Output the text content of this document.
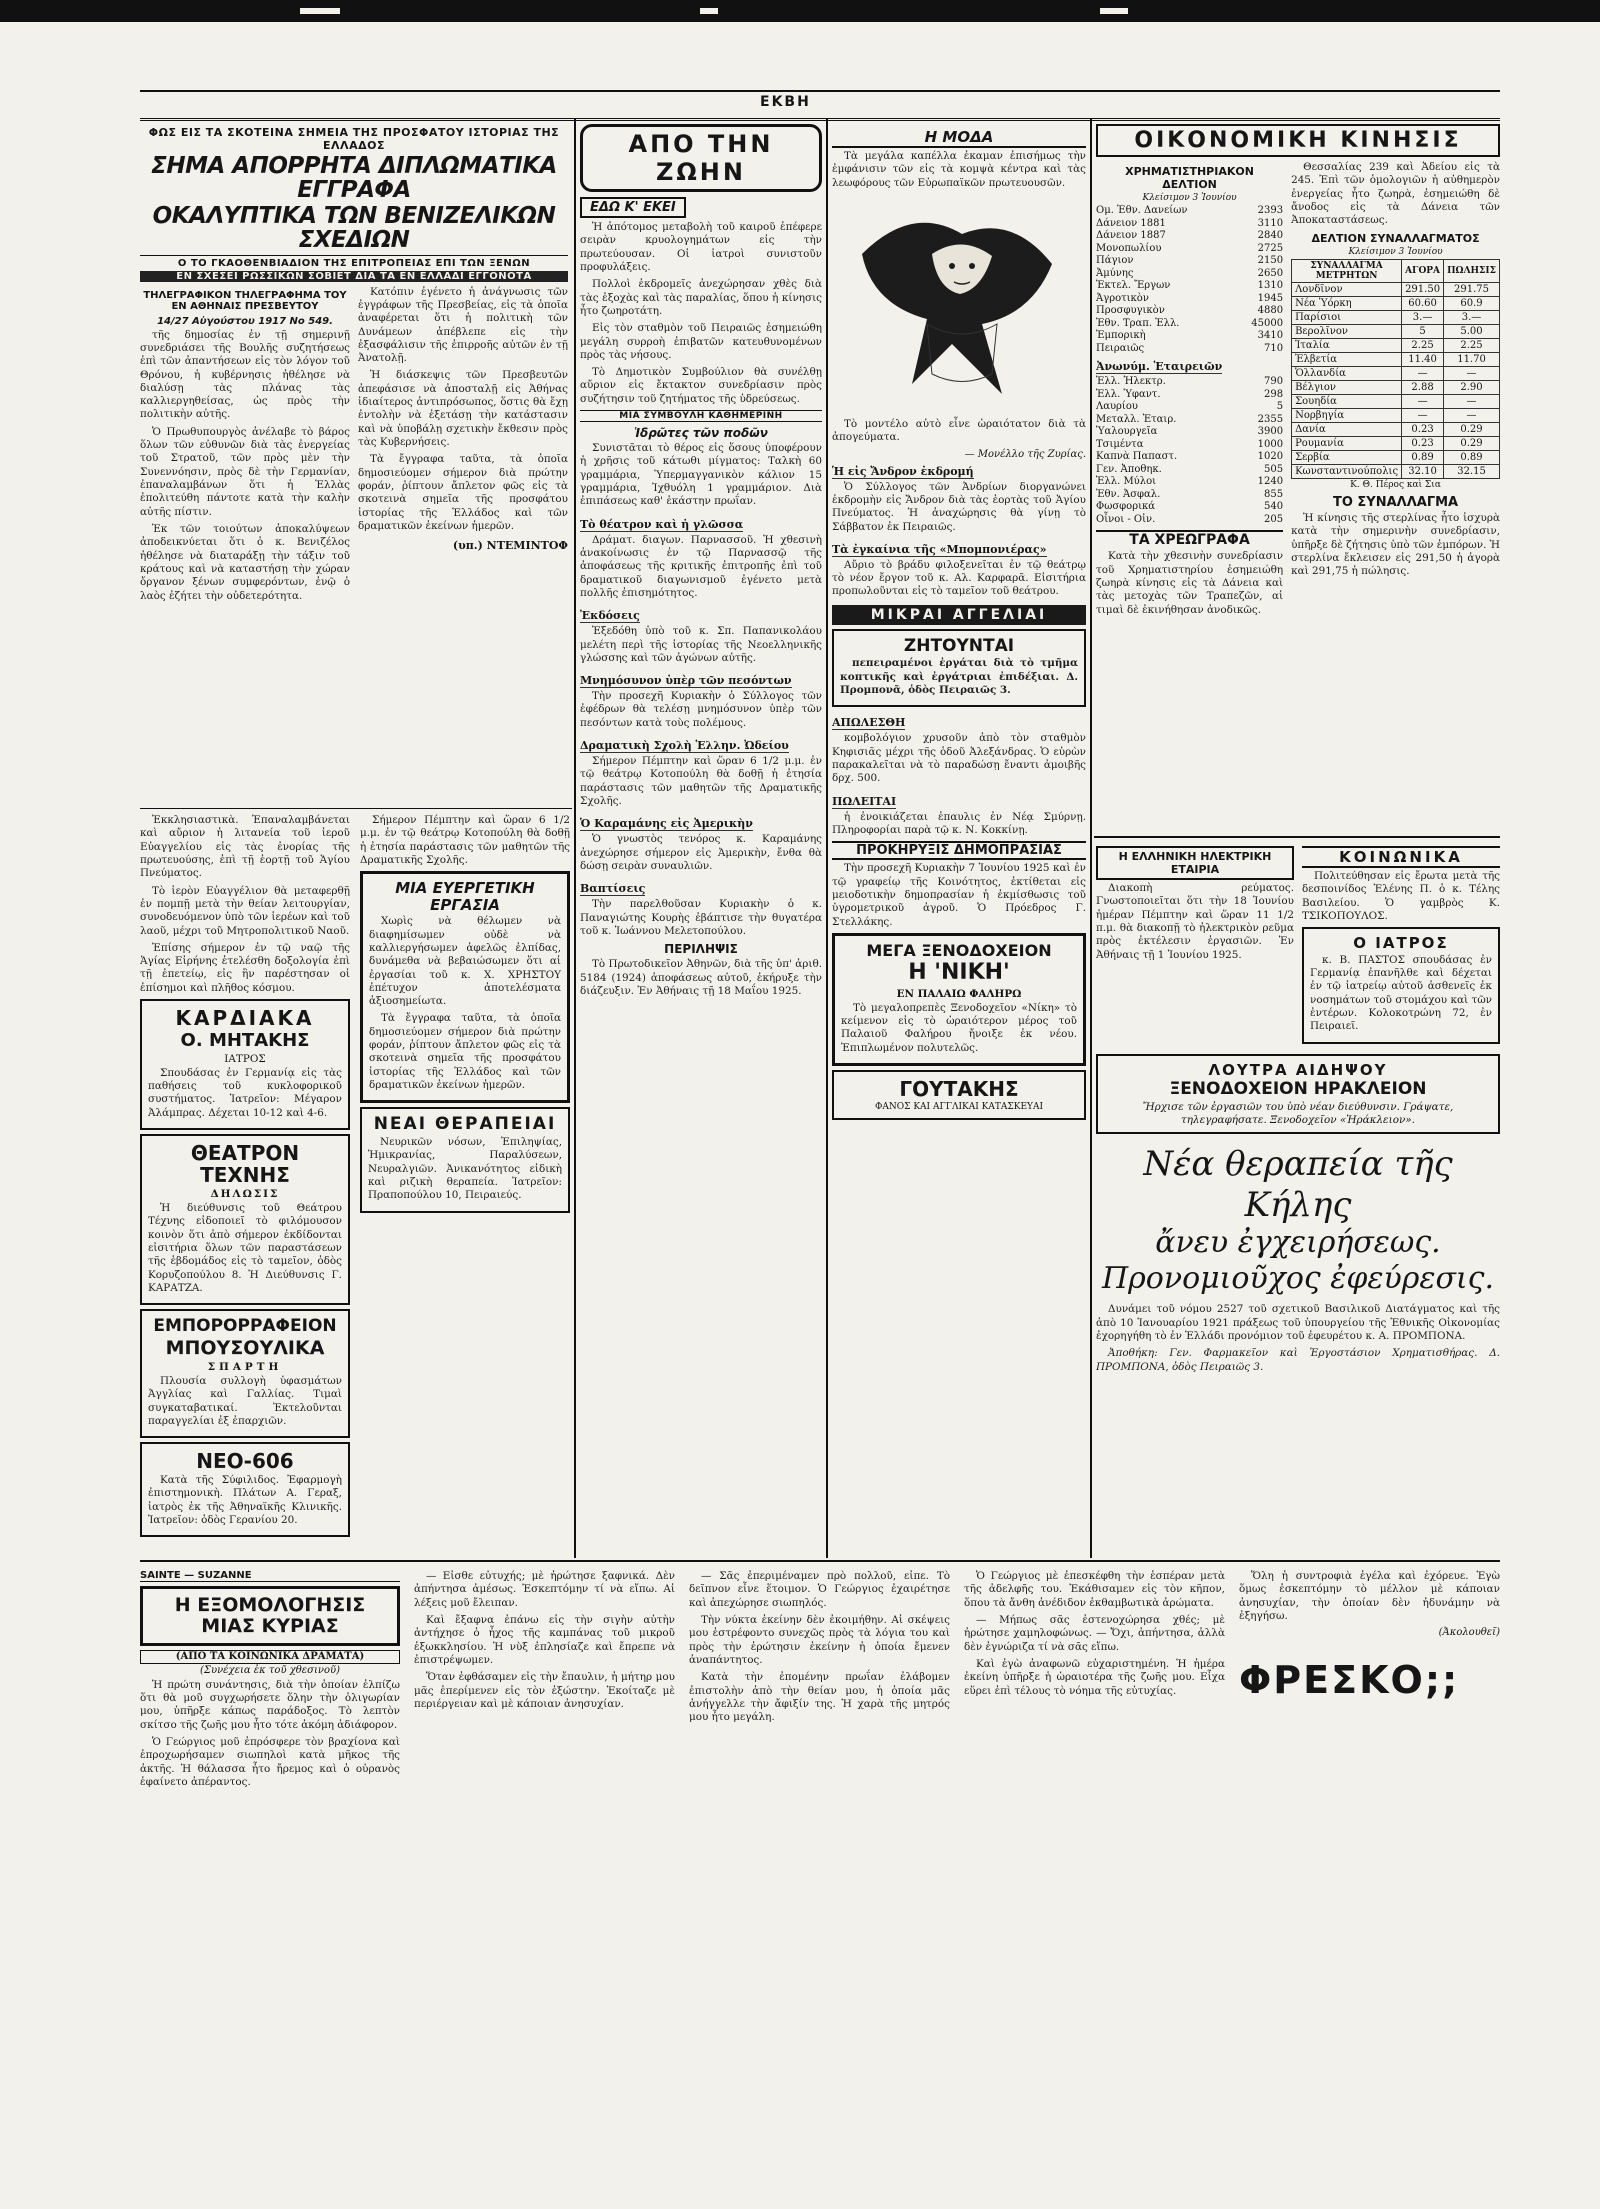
ΕΚΒΗ
ΦΩΣ ΕΙΣ ΤΑ ΣΚΟΤΕΙΝΑ ΣΗΜΕΙΑ ΤΗΣ ΠΡΟΣΦΑΤΟΥ ΙΣΤΟΡΙΑΣ ΤΗΣ ΕΛΛΑΔΟΣ
ΣΗΜΑ ΑΠΟΡΡΗΤΑ ΔΙΠΛΩΜΑΤΙΚΑ ΕΓΓΡΑΦΑ
ΟΚΑΛΥΠΤΙΚΑ ΤΩΝ ΒΕΝΙΖΕΛΙΚΩΝ ΣΧΕΔΙΩΝ
Ο ΤΟ ΓΚΑΟΘΕΝΒΙΑΔΙΟΝ ΤΗΣ ΕΠΙΤΡΟΠΕΙΑΣ ΕΠΙ ΤΩΝ ΞΕΝΩΝ
ΕΝ ΣΧΕΣΕΙ ΡΩΣΣΙΚΩΝ ΣΟΒΙΕΤ ΔΙΑ ΤΑ ΕΝ ΕΛΛΑΔΙ ΕΓΓΟΝΟΤΑ
ΤΗΛΕΓΡΑΦΙΚΟΝ ΤΗΛΕΓΡΑΦΗΜΑ ΤΟΥ ΕΝ ΑΘΗΝΑΙΣ ΠΡΕΣΒΕΥΤΟΥ
14/27 Αὐγούστου 1917 Νο 549.

τῆς δημοσίας ἐν τῇ σημερινῇ συνεδριάσει τῆς Βουλῆς συζητήσεως ἐπὶ τῶν ἀπαντήσεων εἰς τὸν λόγον τοῦ Θρόνου, ἡ κυβέρνησις ἠθέλησε νὰ διαλύσῃ τὰς πλάνας τὰς καλλιεργηθείσας, ὡς πρὸς τὴν πολιτικὴν αὐτῆς.

Ὁ Πρωθυπουργὸς ἀνέλαβε τὸ βάρος ὅλων τῶν εὐθυνῶν διὰ τὰς ἐνεργείας τοῦ Στρατοῦ, τῶν πρὸς μὲν τὴν Συνεννόησιν, πρὸς δὲ τὴν Γερμανίαν, ἐπαναλαμβάνων ὅτι ἡ Ἑλλὰς ἐπολιτεύθη πάντοτε κατὰ τὴν καλὴν αὐτῆς πίστιν.

Ἐκ τῶν τοιούτων ἀποκαλύψεων ἀποδεικνύεται ὅτι ὁ κ. Βενιζέλος ἠθέλησε νὰ διαταράξῃ τὴν τάξιν τοῦ κράτους καὶ νὰ καταστήσῃ τὴν χώραν ὄργανον ξένων συμφερόντων, ἐνῷ ὁ λαὸς ἐζήτει τὴν οὐδετερότητα.

Κατόπιν ἐγένετο ἡ ἀνάγνωσις τῶν ἐγγράφων τῆς Πρεσβείας, εἰς τὰ ὁποῖα ἀναφέρεται ὅτι ἡ πολιτικὴ τῶν Δυνάμεων ἀπέβλεπε εἰς τὴν ἐξασφάλισιν τῆς ἐπιρροῆς αὐτῶν ἐν τῇ Ἀνατολῇ.

Ἡ διάσκεψις τῶν Πρεσβευτῶν ἀπεφάσισε νὰ ἀποσταλῇ εἰς Ἀθήνας ἰδιαίτερος ἀντιπρόσωπος, ὅστις θὰ ἔχῃ ἐντολὴν νὰ ἐξετάσῃ τὴν κατάστασιν καὶ νὰ ὑποβάλῃ σχετικὴν ἔκθεσιν πρὸς τὰς Κυβερνήσεις.

Τὰ ἔγγραφα ταῦτα, τὰ ὁποῖα δημοσιεύομεν σήμερον διὰ πρώτην φοράν, ῥίπτουν ἄπλετον φῶς εἰς τὰ σκοτεινὰ σημεῖα τῆς προσφάτου ἱστορίας τῆς Ἑλλάδος καὶ τῶν δραματικῶν ἐκείνων ἡμερῶν.

(υπ.) ΝΤΕΜΙΝΤΟΦ

Ἐκκλησιαστικὰ. Ἐπαναλαμβάνεται καὶ αὔριον ἡ λιτανεία τοῦ ἱεροῦ Εὐαγγελίου εἰς τὰς ἐνορίας τῆς πρωτευούσης, ἐπὶ τῇ ἑορτῇ τοῦ Ἁγίου Πνεύματος.

Τὸ ἱερὸν Εὐαγγέλιον θὰ μεταφερθῇ ἐν πομπῇ μετὰ τὴν θείαν λειτουργίαν, συνοδευόμενον ὑπὸ τῶν ἱερέων καὶ τοῦ λαοῦ, μέχρι τοῦ Μητροπολιτικοῦ Ναοῦ.

Ἐπίσης σήμερον ἐν τῷ ναῷ τῆς Ἁγίας Εἰρήνης ἐτελέσθη δοξολογία ἐπὶ τῇ ἐπετείῳ, εἰς ἣν παρέστησαν οἱ ἐπίσημοι καὶ πλῆθος κόσμου.

ΚΑΡΔΙΑΚΑ
Ο. ΜΗΤΑΚΗΣ
ΙΑΤΡΟΣ

Σπουδάσας ἐν Γερμανίᾳ εἰς τὰς παθήσεις τοῦ κυκλοφορικοῦ συστήματος. Ἰατρεῖον: Μέγαρον Ἀλάμπρας. Δέχεται 10-12 καὶ 4-6.

ΘΕΑΤΡΟΝ ΤΕΧΝΗΣ
ΔΗΛΩΣΙΣ

Ἡ διεύθυνσις τοῦ Θεάτρου Τέχνης εἰδοποιεῖ τὸ φιλόμουσον κοινὸν ὅτι ἀπὸ σήμερον ἐκδίδονται εἰσιτήρια ὅλων τῶν παραστάσεων τῆς ἑβδομάδος εἰς τὸ ταμεῖον, ὁδὸς Κορυζοπούλου 8. Ἡ Διεύθυνσις Γ. ΚΑΡΑΤΖΑ.

ΕΜΠΟΡΟΡΡΑΦΕΙΟΝ
ΜΠΟΥΣΟΥΛΙΚΑ
ΣΠΑΡΤΗ

Πλουσία συλλογὴ ὑφασμάτων Ἀγγλίας καὶ Γαλλίας. Τιμαὶ συγκαταβατικαί. Ἐκτελοῦνται παραγγελίαι ἐξ ἐπαρχιῶν.

ΝΕΟ-606

Κατὰ τῆς Σύφιλιδος. Ἐφαρμογὴ ἐπιστημονικὴ. Πλάτων Α. Γεραξ, ἰατρὸς ἐκ τῆς Ἀθηναϊκῆς Κλινικῆς. Ἰατρεῖον: ὁδὸς Γερανίου 20.

Σήμερον Πέμπτην καὶ ὥραν 6 1/2 μ.μ. ἐν τῷ θεάτρῳ Κοτοπούλη θὰ δοθῇ ἡ ἐτησία παράστασις τῶν μαθητῶν τῆς Δραματικῆς Σχολῆς.

ΜΙΑ ΕΥΕΡΓΕΤΙΚΗ ΕΡΓΑΣΙΑ

Χωρὶς νὰ θέλωμεν νὰ διαφημίσωμεν οὐδὲ νὰ καλλιεργήσωμεν ἀφελῶς ἐλπίδας, δυνάμεθα νὰ βεβαιώσωμεν ὅτι αἱ ἐργασίαι τοῦ κ. Χ. ΧΡΗΣΤΟΥ ἐπέτυχον ἀποτελέσματα ἀξιοσημείωτα.

Τὰ ἔγγραφα ταῦτα, τὰ ὁποῖα δημοσιεύομεν σήμερον διὰ πρώτην φοράν, ῥίπτουν ἄπλετον φῶς εἰς τὰ σκοτεινὰ σημεῖα τῆς προσφάτου ἱστορίας τῆς Ἑλλάδος καὶ τῶν δραματικῶν ἐκείνων ἡμερῶν.

ΝΕΑΙ ΘΕΡΑΠΕΙΑΙ

Νευρικῶν νόσων, Ἐπιληψίας, Ἡμικρανίας, Παραλύσεων, Νευραλγιῶν. Ἀνικανότητος εἰδικὴ καὶ ριζικὴ θεραπεία. Ἰατρεῖον: Πραποπούλου 10, Πειραιεύς.

ΑΠΟ ΤΗΝ ΖΩΗΝ
ΕΔΩ Κ' ΕΚΕΙ

Ἡ ἀπότομος μεταβολὴ τοῦ καιροῦ ἐπέφερε σειρὰν κρυολογημάτων εἰς τὴν πρωτεύουσαν. Οἱ ἰατροὶ συνιστοῦν προφυλάξεις.

Πολλοὶ ἐκδρομεῖς ἀνεχώρησαν χθὲς διὰ τὰς ἐξοχὰς καὶ τὰς παραλίας, ὅπου ἡ κίνησις ἦτο ζωηροτάτη.

Εἰς τὸν σταθμὸν τοῦ Πειραιῶς ἐσημειώθη μεγάλη συρροὴ ἐπιβατῶν κατευθυνομένων πρὸς τὰς νήσους.

Τὸ Δημοτικὸν Συμβούλιον θὰ συνέλθῃ αὔριον εἰς ἔκτακτον συνεδρίασιν πρὸς συζήτησιν τοῦ ζητήματος τῆς ὑδρεύσεως.

ΜΙΑ ΣΥΜΒΟΥΛΗ ΚΑΘΗΜΕΡΙΝΗ
Ἱδρῶτες τῶν ποδῶν

Συνιστᾶται τὸ θέρος εἰς ὅσους ὑποφέρουν ἡ χρῆσις τοῦ κάτωθι μίγματος: Ταλκὴ 60 γραμμάρια, Ὑπερμαγγανικὸν κάλιον 15 γραμμάρια, Ἰχθυόλη 1 γραμμάριον. Διὰ ἐπιπάσεως καθ' ἑκάστην πρωΐαν.

Τὸ θέατρον καὶ ἡ γλῶσσα

Δράματ. διαγων. Παρνασσοῦ. Ἡ χθεσινὴ ἀνακοίνωσις ἐν τῷ Παρνασσῷ τῆς ἀποφάσεως τῆς κριτικῆς ἐπιτροπῆς ἐπὶ τοῦ δραματικοῦ διαγωνισμοῦ ἐγένετο μετὰ πολλῆς ἐπισημότητος.

Ἐκδόσεις

Ἐξεδόθη ὑπὸ τοῦ κ. Σπ. Παπανικολάου μελέτη περὶ τῆς ἱστορίας τῆς Νεοελληνικῆς γλώσσης καὶ τῶν ἀγώνων αὐτῆς.

Μνημόσυνον ὑπὲρ τῶν πεσόντων

Τὴν προσεχῆ Κυριακὴν ὁ Σύλλογος τῶν ἐφέδρων θὰ τελέσῃ μνημόσυνον ὑπὲρ τῶν πεσόντων κατὰ τοὺς πολέμους.

Δραματικὴ Σχολὴ Ἑλλην. Ὠδείου

Σήμερον Πέμπτην καὶ ὥραν 6 1/2 μ.μ. ἐν τῷ θεάτρῳ Κοτοπούλη θὰ δοθῇ ἡ ἐτησία παράστασις τῶν μαθητῶν τῆς Δραματικῆς Σχολῆς.

Ὁ Καραμάνης εἰς Ἀμερικὴν

Ὁ γνωστὸς τενόρος κ. Καραμάνης ἀνεχώρησε σήμερον εἰς Ἀμερικὴν, ἔνθα θὰ δώσῃ σειρὰν συναυλιῶν.

Βαπτίσεις

Τὴν παρελθοῦσαν Κυριακὴν ὁ κ. Παναγιώτης Κουρὴς ἐβάπτισε τὴν θυγατέρα τοῦ κ. Ἰωάννου Μελετοπούλου.

ΠΕΡΙΛΗΨΙΣ

Τὸ Πρωτοδικεῖον Ἀθηνῶν, διὰ τῆς ὑπ' ἀριθ. 5184 (1924) ἀποφάσεως αὐτοῦ, ἐκήρυξε τὴν διάζευξιν. Ἐν Ἀθήναις τῇ 18 Μαΐου 1925.

Η ΜΟΔΑ

Τὰ μεγάλα καπέλλα ἐκαμαν ἐπισήμως τὴν ἐμφάνισιν τῶν εἰς τὰ κομψὰ κέντρα καὶ τὰς λεωφόρους τῶν Εὐρωπαϊκῶν πρωτευουσῶν.

Τὸ μοντέλο αὐτὸ εἶνε ὡραιότατον διὰ τὰ ἀπογεύματα.

— Μονέλλο τῆς Ζυρίας.
Ἡ εἰς Ἄνδρον ἐκδρομή

Ὁ Σύλλογος τῶν Ἀνδρίων διοργανώνει ἐκδρομὴν εἰς Ἄνδρον διὰ τὰς ἑορτὰς τοῦ Ἁγίου Πνεύματος. Ἡ ἀναχώρησις θὰ γίνῃ τὸ Σάββατον ἐκ Πειραιῶς.

Τὰ ἐγκαίνια τῆς «Μπομπονιέρας»

Αὔριο τὸ βράδυ φιλοξενεῖται ἐν τῷ θεάτρῳ τὸ νέον ἔργον τοῦ κ. Αλ. Καρφαρᾶ. Εἰσιτήρια προπωλοῦνται εἰς τὸ ταμεῖον τοῦ θεάτρου.

ΜΙΚΡΑΙ ΑΓΓΕΛΙΑΙ
ΖΗΤΟΥΝΤΑΙ

πεπειραμένοι ἐργάται διὰ τὸ τμῆμα κοπτικῆς καὶ ἐργάτριαι ἐπιδέξιαι. Δ. Προμπονᾶ, ὁδὸς Πειραιῶς 3.

ΑΠΩΛΕΣΘΗ

κομβολόγιον χρυσοῦν ἀπὸ τὸν σταθμὸν Κηφισιᾶς μέχρι τῆς ὁδοῦ Ἀλεξάνδρας. Ὁ εὑρὼν παρακαλεῖται νὰ τὸ παραδώσῃ ἔναντι ἀμοιβῆς δρχ. 500.

ΠΩΛΕΙΤΑΙ

ἡ ἐνοικιάζεται ἐπαυλις ἐν Νέᾳ Σμύρνῃ. Πληροφορίαι παρὰ τῷ κ. Ν. Κοκκίνῃ.

ΠΡΟΚΗΡΥΞΙΣ ΔΗΜΟΠΡΑΣΙΑΣ

Τὴν προσεχῆ Κυριακὴν 7 Ἰουνίου 1925 καὶ ἐν τῷ γραφείῳ τῆς Κοινότητος, ἐκτίθεται εἰς μειοδοτικὴν δημοπρασίαν ἡ ἐκμίσθωσις τοῦ ὑγρομετρικοῦ ἀγροῦ. Ὁ Πρόεδρος Γ. Στελλάκης.

ΜΕΓΑ ΞΕΝΟΔΟΧΕΙΟΝ
Η 'ΝΙΚΗ'
ΕΝ ΠΑΛΑΙΩ ΦΑΛΗΡΩ

Τὸ μεγαλοπρεπὲς Ξενοδοχεῖον «Νίκη» τὸ κείμενον εἰς τὸ ὡραιότερον μέρος τοῦ Παλαιοῦ Φαλήρου ἤνοιξε ἐκ νέου. Ἐπιπλωμένον πολυτελῶς.

ΓΟΥΤΑΚΗΣ
ΦΑΝΟΣ ΚΑΙ ΑΓΓΛΙΚΑΙ ΚΑΤΑΣΚΕΥΑΙ
ΟΙΚΟΝΟΜΙΚΗ ΚΙΝΗΣΙΣ
ΧΡΗΜΑΤΙΣΤΗΡΙΑΚΟΝ ΔΕΛΤΙΟΝ
Κλείσιμον 3 Ἰουνίου
Ομ. Ἐθν. Δανείων	2393
Δάνειον 1881	3110
Δάνειον 1887	2840
Μονοπωλίου	2725
Πάγιον	2150
Ἀμύνης	2650
Ἐκτελ. Ἔργων	1310
Ἀγροτικὸν	1945
Προσφυγικὸν	4880
Ἐθν. Τραπ. Ἑλλ.	45000
Ἐμπορικὴ	3410
Πειραιῶς	710
Ἀνωνύμ. Ἑταιρειῶν
Ἑλλ. Ἠλεκτρ.	790
Ἑλλ. Ὑφαντ.	298
Λαυρίου	5
Μεταλλ. Ἑταιρ.	2355
Ὑαλουργεῖα	3900
Τσιμέντα	1000
Καπνὰ Παπαστ.	1020
Γεν. Ἀποθηκ.	505
Ἑλλ. Μύλοι	1240
Ἐθν. Ἀσφαλ.	855
Φωσφορικά	540
Οἶνοι - Οἰν.	205
ΤΑ ΧΡΕΩΓΡΑΦΑ

Κατὰ τὴν χθεσινὴν συνεδρίασιν τοῦ Χρηματιστηρίου ἐσημειώθη ζωηρὰ κίνησις εἰς τὰ Δάνεια καὶ τὰς μετοχὰς τῶν Τραπεζῶν, αἱ τιμαὶ δὲ ἐκινήθησαν ἀνοδικῶς.

Θεσσαλίας 239 καὶ Ἀδείου εἰς τὰ 245. Ἐπὶ τῶν ὁμολογιῶν ἡ αὐθημερὸν ἐνεργείας ἦτο ζωηρὰ, ἐσημειώθη δὲ ἄνοδος εἰς τὰ Δάνεια τῶν Ἀποκαταστάσεως.

ΔΕΛΤΙΟΝ ΣΥΝΑΛΛΑΓΜΑΤΟΣ
Κλείσιμον 3 Ἰουνίου
ΣΥΝΑΛΛΑΓΜΑ ΜΕΤΡΗΤΩΝ	ΑΓΟΡΑ	ΠΩΛΗΣΙΣ
Λονδῖνον	291.50	291.75
Νέα Ὑόρκη	60.60	60.9
Παρίσιοι	3.—	3.—
Βερολῖνον	5	5.00
Ἰταλία	2.25	2.25
Ἑλβετία	11.40	11.70
Ὁλλανδία	—	—
Βέλγιον	2.88	2.90
Σουηδία	—	—
Νορβηγία	—	—
Δανία	0.23	0.29
Ρουμανία	0.23	0.29
Σερβία	0.89	0.89
Κωνσταντινούπολις	32.10	32.15
Κ. Θ. Πέρος καὶ Σια
ΤΟ ΣΥΝΑΛΛΑΓΜΑ

Ἡ κίνησις τῆς στερλίνας ἦτο ἰσχυρὰ κατὰ τὴν σημερινὴν συνεδρίασιν, ὑπῆρξε δὲ ζήτησις ὑπὸ τῶν ἐμπόρων. Ἡ στερλίνα ἔκλεισεν εἰς 291,50 ἡ ἀγορὰ καὶ 291,75 ἡ πώλησις.

Η ΕΛΛΗΝΙΚΗ ΗΛΕΚΤΡΙΚΗ ΕΤΑΙΡΙΑ

Διακοπὴ ρεύματος. Γνωστοποιεῖται ὅτι τὴν 18 Ἰουνίου ἡμέραν Πέμπτην καὶ ὥραν 11 1/2 π.μ. θὰ διακοπῇ τὸ ἠλεκτρικὸν ρεῦμα πρὸς ἐκτέλεσιν ἐργασιῶν. Ἐν Ἀθήναις τῇ 1 Ἰουνίου 1925.

ΚΟΙΝΩΝΙΚΑ

Πολιτεύθησαν εἰς ἔρωτα μετὰ τῆς δεσποινίδος Ἑλένης Π. ὁ κ. Τέλης Βασιλείου. Ὁ γαμβρὸς Κ. ΤΣΙΚΟΠΟΥΛΟΣ.

Ο ΙΑΤΡΟΣ

κ. Β. ΠΑΣΤΟΣ σπουδάσας ἐν Γερμανίᾳ ἐπανῆλθε καὶ δέχεται ἐν τῷ ἰατρείῳ αὐτοῦ ἀσθενεῖς ἐκ νοσημάτων τοῦ στομάχου καὶ τῶν ἐντέρων. Κολοκοτρώνη 72, ἐν Πειραιεῖ.

ΛΟΥΤΡΑ ΑΙΔΗΨΟΥ
ΞΕΝΟΔΟΧΕΙΟΝ ΗΡΑΚΛΕΙΟΝ
Ἤρχισε τῶν ἐργασιῶν του ὑπὸ νέαν διεύθυνσιν. Γράψατε, τηλεγραφήσατε. Ξενοδοχεῖον «Ἡράκλειον».
Νέα θεραπεία τῆς Κήλης
ἄνευ ἐγχειρήσεως.
Προνομιοῦχος ἐφεύρεσις.

Δυνάμει τοῦ νόμου 2527 τοῦ σχετικοῦ Βασιλικοῦ Διατάγματος καὶ τῆς ἀπὸ 10 Ἰανουαρίου 1921 πράξεως τοῦ ὑπουργείου τῆς Ἐθνικῆς Οἰκονομίας ἐχορηγήθη τὸ ἐν Ἑλλάδι προνόμιον τοῦ ἐφευρέτου κ. Α. ΠΡΟΜΠΟΝΑ.

Ἀποθήκη: Γεν. Φαρμακεῖον καὶ Ἐργοστάσιον Χρηματισθήρας. Δ. ΠΡΟΜΠΟΝΑ, ὁδὸς Πειραιῶς 3.

SAINTE — SUZANNE
Η ΕΞΟΜΟΛΟΓΗΣΙΣ ΜΙΑΣ ΚΥΡΙΑΣ
(ΑΠΟ ΤΑ ΚΟΙΝΩΝΙΚΑ ΔΡΑΜΑΤΑ)
(Συνέχεια ἐκ τοῦ χθεσινοῦ)

Ἡ πρώτη συνάντησις, διὰ τὴν ὁποίαν ἐλπίζω ὅτι θὰ μοῦ συγχωρήσετε ὅλην τὴν ὀλιγωρίαν μου, ὑπῆρξε κάπως παράδοξος. Τὸ λεπτὸν σκίτσο τῆς ζωῆς μου ἦτο τότε ἀκόμη ἀδιάφορον.

Ὁ Γεώργιος μοῦ ἐπρόσφερε τὸν βραχίονα καὶ ἐπροχωρήσαμεν σιωπηλοὶ κατὰ μῆκος τῆς ἀκτῆς. Ἡ θάλασσα ἦτο ἤρεμος καὶ ὁ οὐρανὸς ἐφαίνετο ἀπέραντος.

— Εἶσθε εὐτυχής; μὲ ἠρώτησε ξαφνικά. Δὲν ἀπήντησα ἀμέσως. Ἐσκεπτόμην τί νὰ εἴπω. Αἱ λέξεις μοῦ ἔλειπαν.

Καὶ ἔξαφνα ἐπάνω εἰς τὴν σιγὴν αὐτὴν ἀντήχησε ὁ ἦχος τῆς καμπάνας τοῦ μικροῦ ἐξωκκλησίου. Ἡ νὺξ ἐπλησίαζε καὶ ἔπρεπε νὰ ἐπιστρέψωμεν.

Ὅταν ἐφθάσαμεν εἰς τὴν ἔπαυλιν, ἡ μήτηρ μου μᾶς ἐπερίμενεν εἰς τὸν ἐξώστην. Ἐκοίταζε μὲ περιέργειαν καὶ μὲ κάποιαν ἀνησυχίαν.

— Σᾶς ἐπεριμέναμεν πρὸ πολλοῦ, εἶπε. Τὸ δεῖπνον εἶνε ἕτοιμον. Ὁ Γεώργιος ἐχαιρέτησε καὶ ἀπεχώρησε σιωπηλός.

Τὴν νύκτα ἐκείνην δὲν ἐκοιμήθην. Αἱ σκέψεις μου ἐστρέφοντο συνεχῶς πρὸς τὰ λόγια του καὶ πρὸς τὴν ἐρώτησιν ἐκείνην ἡ ὁποία ἔμενεν ἀναπάντητος.

Κατὰ τὴν ἐπομένην πρωΐαν ἐλάβομεν ἐπιστολὴν ἀπὸ τὴν θείαν μου, ἡ ὁποία μᾶς ἀνήγγελλε τὴν ἄφιξίν της. Ἡ χαρὰ τῆς μητρός μου ἦτο μεγάλη.

Ὁ Γεώργιος μὲ ἐπεσκέφθη τὴν ἑσπέραν μετὰ τῆς ἀδελφῆς του. Ἐκάθισαμεν εἰς τὸν κῆπον, ὅπου τὰ ἄνθη ἀνέδιδον ἐκθαμβωτικὰ ἀρώματα.

— Μήπως σᾶς ἐστενοχώρησα χθές; μὲ ἠρώτησε χαμηλοφώνως. — Ὄχι, ἀπήντησα, ἀλλὰ δὲν ἐγνώριζα τί νὰ σᾶς εἴπω.

Καὶ ἐγὼ ἀναφωνῶ εὐχαριστημένη. Ἡ ἡμέρα ἐκείνη ὑπῆρξε ἡ ὡραιοτέρα τῆς ζωῆς μου. Εἶχα εὕρει ἐπὶ τέλους τὸ νόημα τῆς εὐτυχίας.

Ὅλη ἡ συντροφιὰ ἐγέλα καὶ ἐχόρευε. Ἐγὼ ὅμως ἐσκεπτόμην τὸ μέλλον μὲ κάποιαν ἀνησυχίαν, τὴν ὁποίαν δὲν ἠδυνάμην νὰ ἐξηγήσω.

(Ἀκολουθεῖ)
ΦΡΕΣΚΟ;;
